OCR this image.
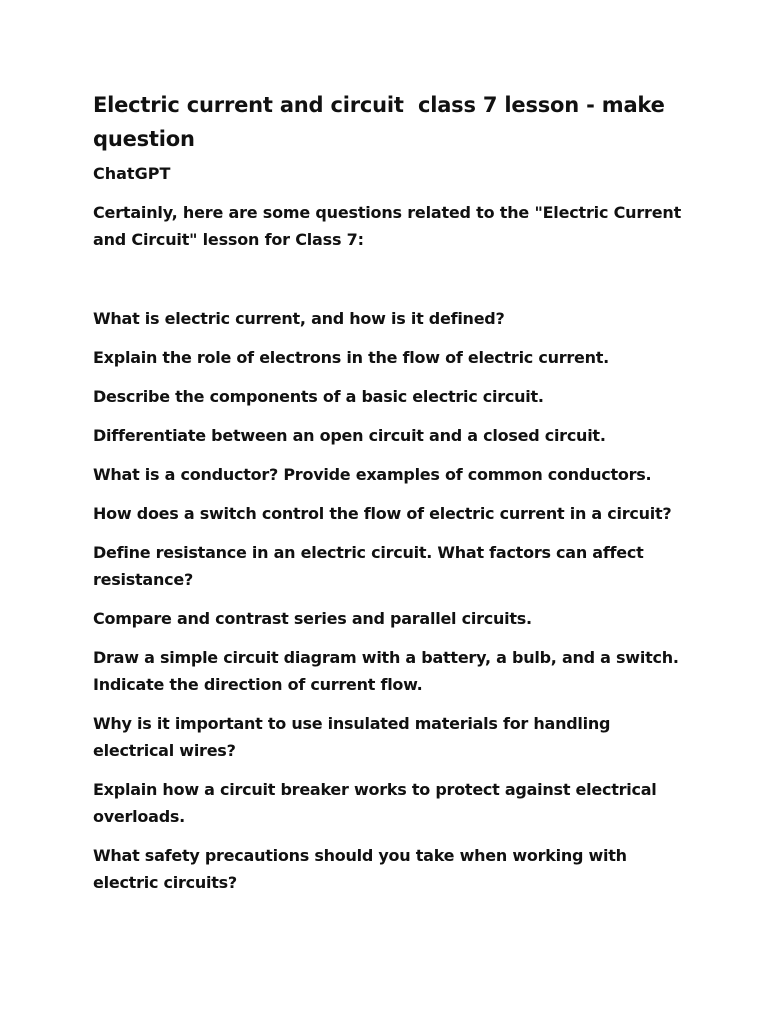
Electric current and circuit  class 7 lesson - make question
ChatGPT

Certainly, here are some questions related to the "Electric Current and Circuit" lesson for Class 7:

What is electric current, and how is it defined?
Explain the role of electrons in the flow of electric current.
Describe the components of a basic electric circuit.
Differentiate between an open circuit and a closed circuit.
What is a conductor? Provide examples of common conductors.
How does a switch control the flow of electric current in a circuit?
Define resistance in an electric circuit. What factors can affect resistance?
Compare and contrast series and parallel circuits.
Draw a simple circuit diagram with a battery, a bulb, and a switch. Indicate the direction of current flow.
Why is it important to use insulated materials for handling electrical wires?
Explain how a circuit breaker works to protect against electrical overloads.
What safety precautions should you take when working with electric circuits?
